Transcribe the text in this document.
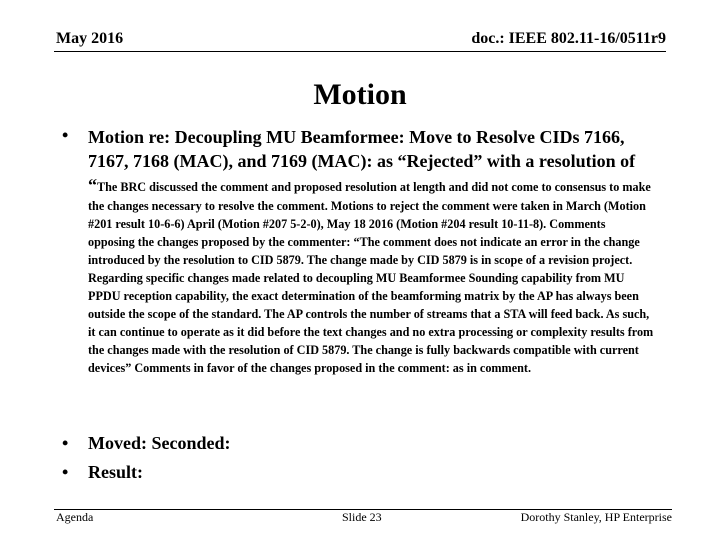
May 2016	doc.: IEEE 802.11-16/0511r9
Motion
• Motion re: Decoupling MU Beamformee: Move to Resolve CIDs 7166, 7167, 7168 (MAC), and 7169 (MAC): as “Rejected” with a resolution of “The BRC discussed the comment and proposed resolution at length and did not come to consensus to make the changes necessary to resolve the comment. Motions to reject the comment were taken in March (Motion #201 result 10-6-6) April (Motion #207 5-2-0), May 18 2016 (Motion #204 result 10-11-8). Comments opposing the changes proposed by the commenter: “The comment does not indicate an error in the change introduced by the resolution to CID 5879. The change made by CID 5879 is in scope of a revision project. Regarding specific changes made related to decoupling MU Beamformee Sounding capability from MU PPDU reception capability, the exact determination of the beamforming matrix by the AP has always been outside the scope of the standard. The AP controls the number of streams that a STA will feed back. As such, it can continue to operate as it did before the text changes and no extra processing or complexity results from the changes made with the resolution of CID 5879. The change is fully backwards compatible with current devices” Comments in favor of the changes proposed in the comment: as in comment.
• Moved: Seconded:
• Result:
Agenda	Slide 23	Dorothy Stanley, HP Enterprise
